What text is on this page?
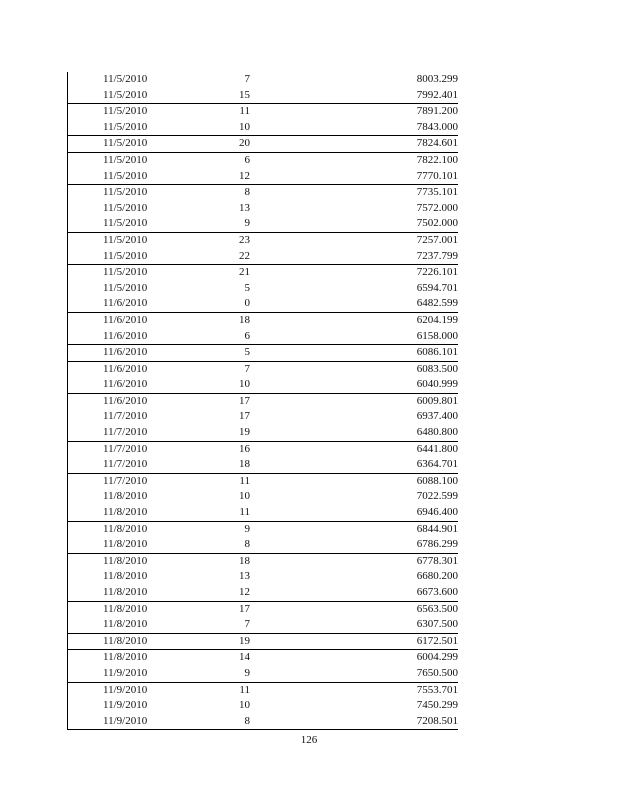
11/5/2010	7	8003.299
11/5/2010	15	7992.401
11/5/2010	11	7891.200
11/5/2010	10	7843.000
11/5/2010	20	7824.601
11/5/2010	6	7822.100
11/5/2010	12	7770.101
11/5/2010	8	7735.101
11/5/2010	13	7572.000
11/5/2010	9	7502.000
11/5/2010	23	7257.001
11/5/2010	22	7237.799
11/5/2010	21	7226.101
11/5/2010	5	6594.701
11/6/2010	0	6482.599
11/6/2010	18	6204.199
11/6/2010	6	6158.000
11/6/2010	5	6086.101
11/6/2010	7	6083.500
11/6/2010	10	6040.999
11/6/2010	17	6009.801
11/7/2010	17	6937.400
11/7/2010	19	6480.800
11/7/2010	16	6441.800
11/7/2010	18	6364.701
11/7/2010	11	6088.100
11/8/2010	10	7022.599
11/8/2010	11	6946.400
11/8/2010	9	6844.901
11/8/2010	8	6786.299
11/8/2010	18	6778.301
11/8/2010	13	6680.200
11/8/2010	12	6673.600
11/8/2010	17	6563.500
11/8/2010	7	6307.500
11/8/2010	19	6172.501
11/8/2010	14	6004.299
11/9/2010	9	7650.500
11/9/2010	11	7553.701
11/9/2010	10	7450.299
11/9/2010	8	7208.501
126
